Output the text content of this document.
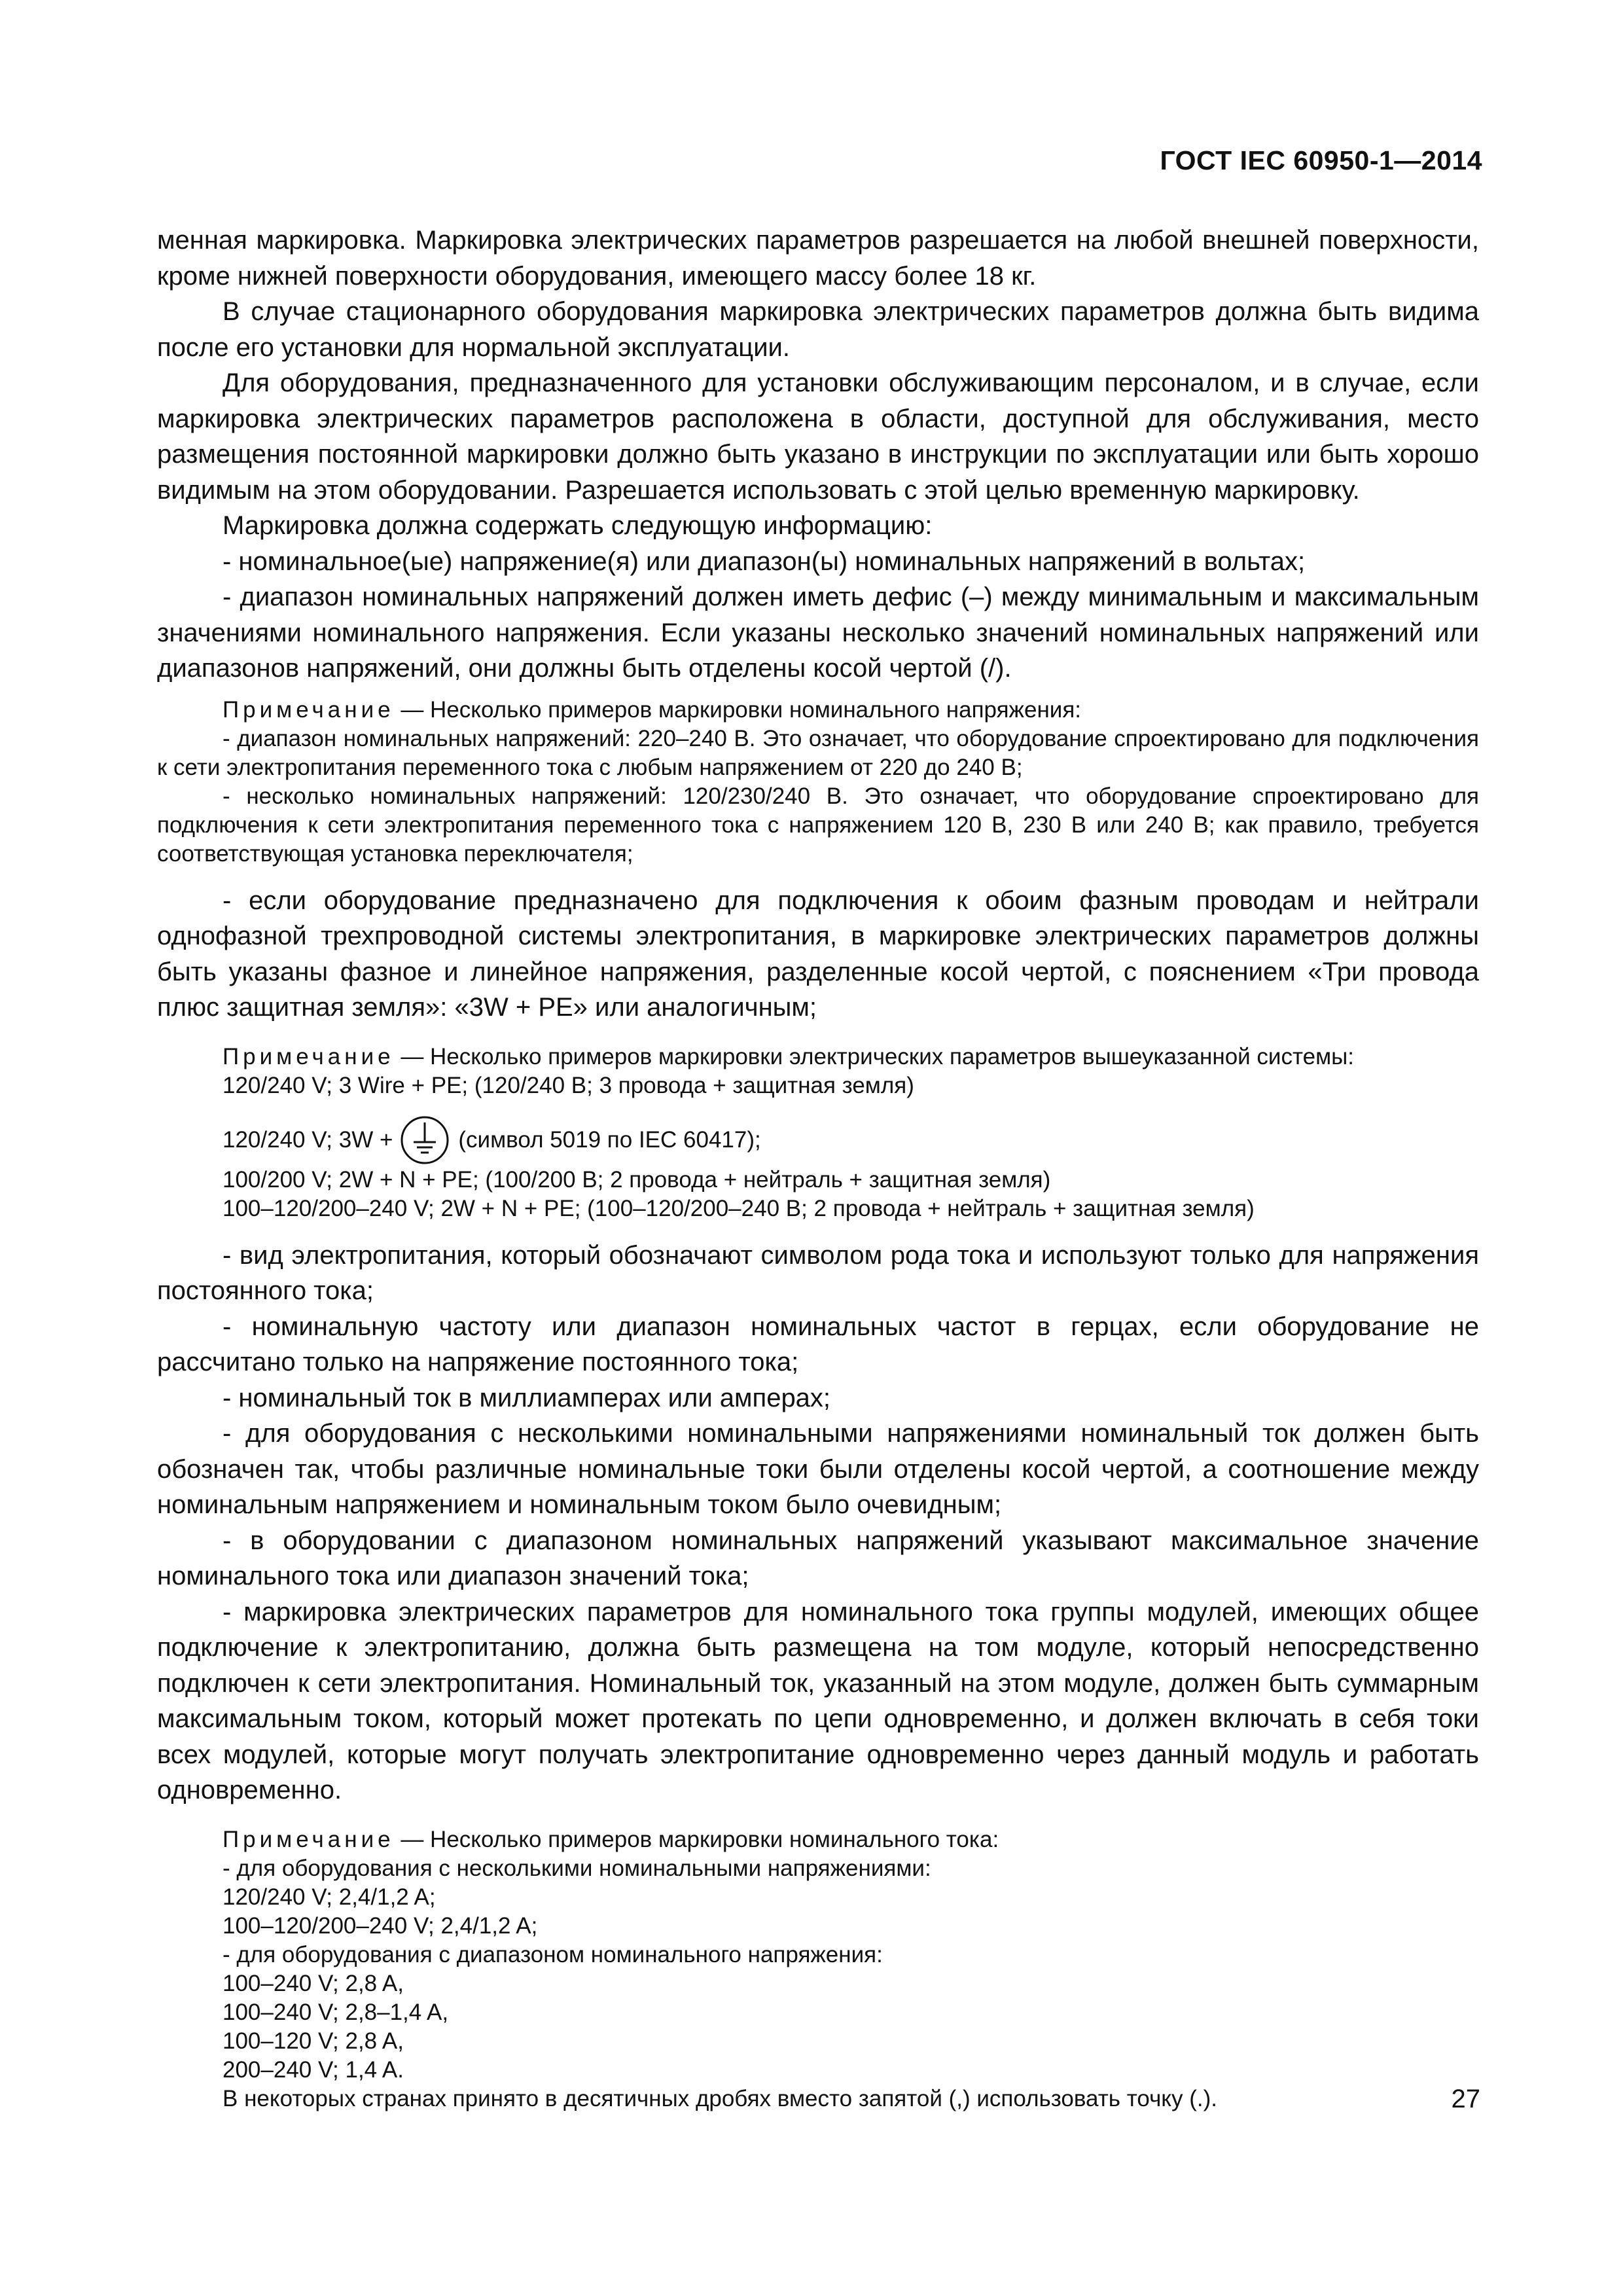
ГОСТ IEC 60950-1—2014

менная маркировка. Маркировка электрических параметров разрешается на любой внешней поверхности, кроме нижней поверхности оборудования, имеющего массу более 18 кг.

В случае стационарного оборудования маркировка электрических параметров должна быть видима после его установки для нормальной эксплуатации.

Для оборудования, предназначенного для установки обслуживающим персоналом, и в случае, если маркировка электрических параметров расположена в области, доступной для обслуживания, место размещения постоянной маркировки должно быть указано в инструкции по эксплуатации или быть хорошо видимым на этом оборудовании. Разрешается использовать с этой целью временную маркировку.

Маркировка должна содержать следующую информацию:

- номинальное(ые) напряжение(я) или диапазон(ы) номинальных напряжений в вольтах;

- диапазон номинальных напряжений должен иметь дефис (–) между минимальным и максимальным значениями номинального напряжения. Если указаны несколько значений номинальных напряжений или диапазонов напряжений, они должны быть отделены косой чертой (/).

Примечание — Несколько примеров маркировки номинального напряжения:

- диапазон номинальных напряжений: 220–240 В. Это означает, что оборудование спроектировано для подключения к сети электропитания переменного тока с любым напряжением от 220 до 240 В;

- несколько номинальных напряжений: 120/230/240 В. Это означает, что оборудование спроектировано для подключения к сети электропитания переменного тока с напряжением 120 В, 230 В или 240 В; как правило, требуется соответствующая установка переключателя;

- если оборудование предназначено для подключения к обоим фазным проводам и нейтрали однофазной трехпроводной системы электропитания, в маркировке электрических параметров должны быть указаны фазное и линейное напряжения, разделенные косой чертой, с пояснением «Три провода плюс защитная земля»: «3W + PE» или аналогичным;

Примечание — Несколько примеров маркировки электрических параметров вышеуказанной системы:

120/240 V; 3 Wire + PE; (120/240 В; 3 провода + защитная земля)

120/240 V; 3W +	(символ 5019 по IEC 60417);

100/200 V; 2W + N + PE; (100/200 В; 2 провода + нейтраль + защитная земля)

100–120/200–240 V; 2W + N + PE; (100–120/200–240 В; 2 провода + нейтраль + защитная земля)

- вид электропитания, который обозначают символом рода тока и используют только для напряжения постоянного тока;

- номинальную частоту или диапазон номинальных частот в герцах, если оборудование не рассчитано только на напряжение постоянного тока;

- номинальный ток в миллиамперах или амперах;

- для оборудования с несколькими номинальными напряжениями номинальный ток должен быть обозначен так, чтобы различные номинальные токи были отделены косой чертой, а соотношение между номинальным напряжением и номинальным током было очевидным;

- в оборудовании с диапазоном номинальных напряжений указывают максимальное значение номинального тока или диапазон значений тока;

- маркировка электрических параметров для номинального тока группы модулей, имеющих общее подключение к электропитанию, должна быть размещена на том модуле, который непосредственно подключен к сети электропитания. Номинальный ток, указанный на этом модуле, должен быть суммарным максимальным током, который может протекать по цепи одновременно, и должен включать в себя токи всех модулей, которые могут получать электропитание одновременно через данный модуль и работать одновременно.

Примечание — Несколько примеров маркировки номинального тока:

- для оборудования с несколькими номинальными напряжениями:

120/240 V; 2,4/1,2 A;

100–120/200–240 V; 2,4/1,2 A;

- для оборудования с диапазоном номинального напряжения:

100–240 V; 2,8 A,

100–240 V; 2,8–1,4 A,

100–120 V; 2,8 A,

200–240 V; 1,4 A.

В некоторых странах принято в десятичных дробях вместо запятой (,) использовать точку (.).	27
